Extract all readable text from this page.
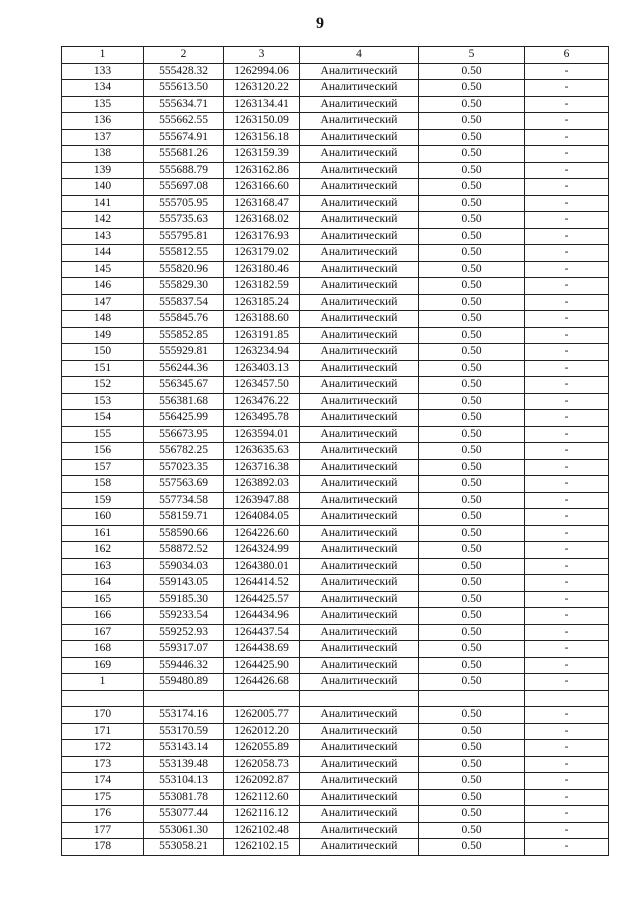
9
1	2	3	4	5	6
133	555428.32	1262994.06	Аналитический	0.50	-
134	555613.50	1263120.22	Аналитический	0.50	-
135	555634.71	1263134.41	Аналитический	0.50	-
136	555662.55	1263150.09	Аналитический	0.50	-
137	555674.91	1263156.18	Аналитический	0.50	-
138	555681.26	1263159.39	Аналитический	0.50	-
139	555688.79	1263162.86	Аналитический	0.50	-
140	555697.08	1263166.60	Аналитический	0.50	-
141	555705.95	1263168.47	Аналитический	0.50	-
142	555735.63	1263168.02	Аналитический	0.50	-
143	555795.81	1263176.93	Аналитический	0.50	-
144	555812.55	1263179.02	Аналитический	0.50	-
145	555820.96	1263180.46	Аналитический	0.50	-
146	555829.30	1263182.59	Аналитический	0.50	-
147	555837.54	1263185.24	Аналитический	0.50	-
148	555845.76	1263188.60	Аналитический	0.50	-
149	555852.85	1263191.85	Аналитический	0.50	-
150	555929.81	1263234.94	Аналитический	0.50	-
151	556244.36	1263403.13	Аналитический	0.50	-
152	556345.67	1263457.50	Аналитический	0.50	-
153	556381.68	1263476.22	Аналитический	0.50	-
154	556425.99	1263495.78	Аналитический	0.50	-
155	556673.95	1263594.01	Аналитический	0.50	-
156	556782.25	1263635.63	Аналитический	0.50	-
157	557023.35	1263716.38	Аналитический	0.50	-
158	557563.69	1263892.03	Аналитический	0.50	-
159	557734.58	1263947.88	Аналитический	0.50	-
160	558159.71	1264084.05	Аналитический	0.50	-
161	558590.66	1264226.60	Аналитический	0.50	-
162	558872.52	1264324.99	Аналитический	0.50	-
163	559034.03	1264380.01	Аналитический	0.50	-
164	559143.05	1264414.52	Аналитический	0.50	-
165	559185.30	1264425.57	Аналитический	0.50	-
166	559233.54	1264434.96	Аналитический	0.50	-
167	559252.93	1264437.54	Аналитический	0.50	-
168	559317.07	1264438.69	Аналитический	0.50	-
169	559446.32	1264425.90	Аналитический	0.50	-
1	559480.89	1264426.68	Аналитический	0.50	-

170	553174.16	1262005.77	Аналитический	0.50	-
171	553170.59	1262012.20	Аналитический	0.50	-
172	553143.14	1262055.89	Аналитический	0.50	-
173	553139.48	1262058.73	Аналитический	0.50	-
174	553104.13	1262092.87	Аналитический	0.50	-
175	553081.78	1262112.60	Аналитический	0.50	-
176	553077.44	1262116.12	Аналитический	0.50	-
177	553061.30	1262102.48	Аналитический	0.50	-
178	553058.21	1262102.15	Аналитический	0.50	-
